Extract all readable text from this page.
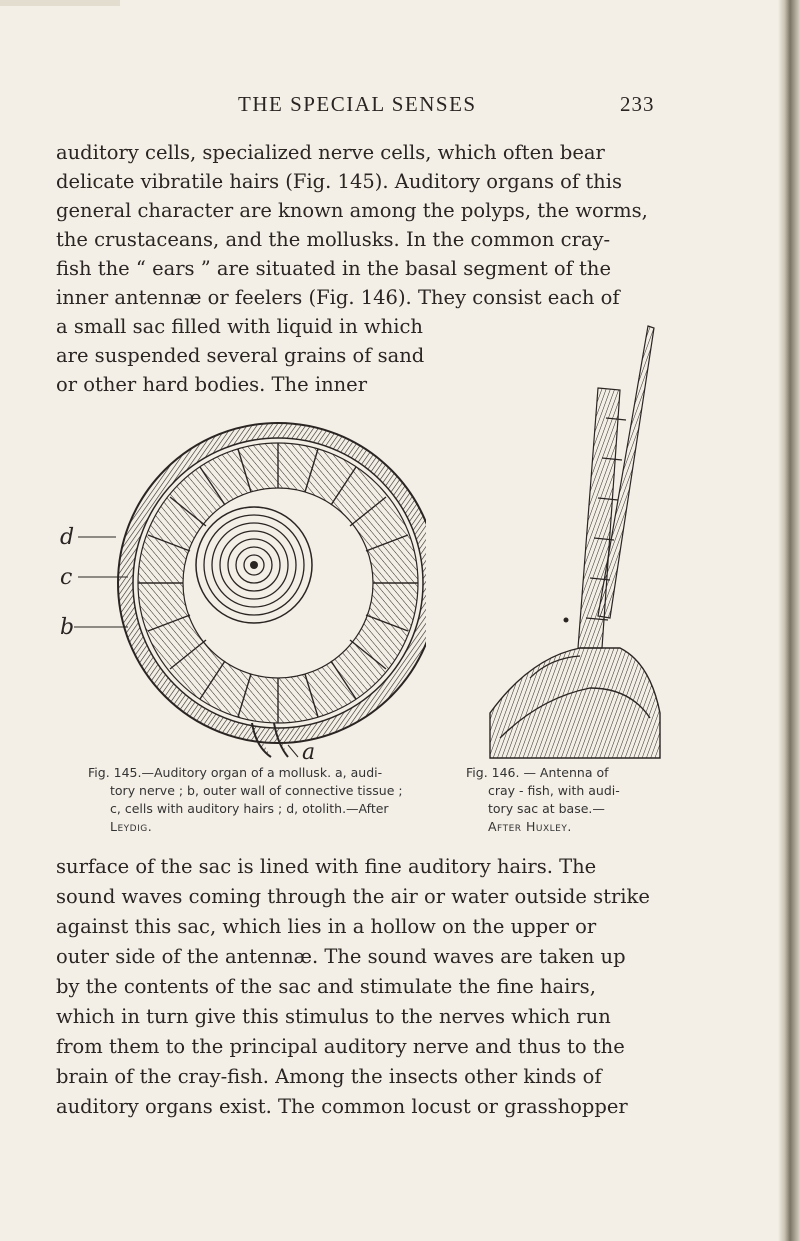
THE SPECIAL SENSES	233
auditory cells, specialized nerve cells, which often bear
delicate vibratile hairs (Fig. 145). Auditory organs of this
general character are known among the polyps, the worms,
the crustaceans, and the mollusks. In the common cray-
fish the “ ears ” are situated in the basal segment of the
inner antennæ or feelers (Fig. 146). They consist each of
a small sac filled with liquid in which
are suspended several grains of sand
or other hard bodies. The inner
d
c
b
a
Fig. 145.—Auditory organ of a mollusk. a, audi-
tory nerve ; b, outer wall of connective tissue ;
c, cells with auditory hairs ; d, otolith.—After
Leydig.
Fig. 146. — Antenna of
cray - fish, with audi-
tory sac at base.—
After Huxley.
surface of the sac is lined with fine auditory hairs. The
sound waves coming through the air or water outside strike
against this sac, which lies in a hollow on the upper or
outer side of the antennæ. The sound waves are taken up
by the contents of the sac and stimulate the fine hairs,
which in turn give this stimulus to the nerves which run
from them to the principal auditory nerve and thus to the
brain of the cray-fish. Among the insects other kinds of
auditory organs exist. The common locust or grasshopper
